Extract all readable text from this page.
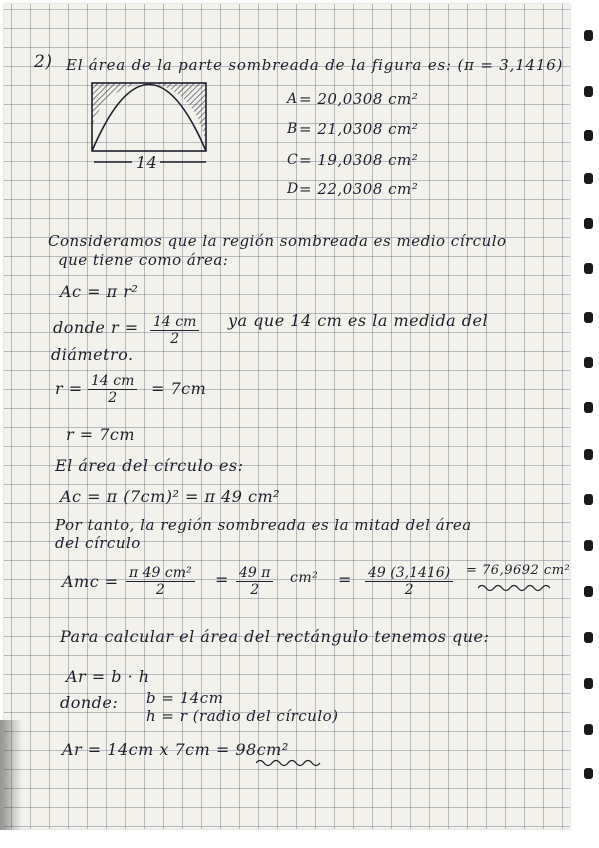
2) El área de la parte sombreada de la figura es: (π = 3,1416)
14
A = 20,0308 cm²
B = 21,0308 cm²
C = 19,0308 cm²
D = 22,0308 cm²
Consideramos que la región sombreada es medio círculo
que tiene como área:
Ac = π r²
donde $r = \frac{14 cm}{2}$ ya que 14 cm es la medida del
diámetro.
$r = \frac{14 cm}{2} = 7cm$
r = 7cm
El área del círculo es:
Ac = π (7cm)² = π 49 cm²
Por tanto, la región sombreada es la mitad del área
del círculo
Amc = $\frac{\text{π 49 cm²}}{2} = \frac{49 \pi}{2} cm^2 = \frac{49 (3,1416)}{2} = 76,9692$ cm²
Para calcular el área del rectángulo tenemos que:
Ar = b · h
donde: b = 14cm
h = r (radio del círculo)
Ar = 14cm x 7cm = 98cm²
